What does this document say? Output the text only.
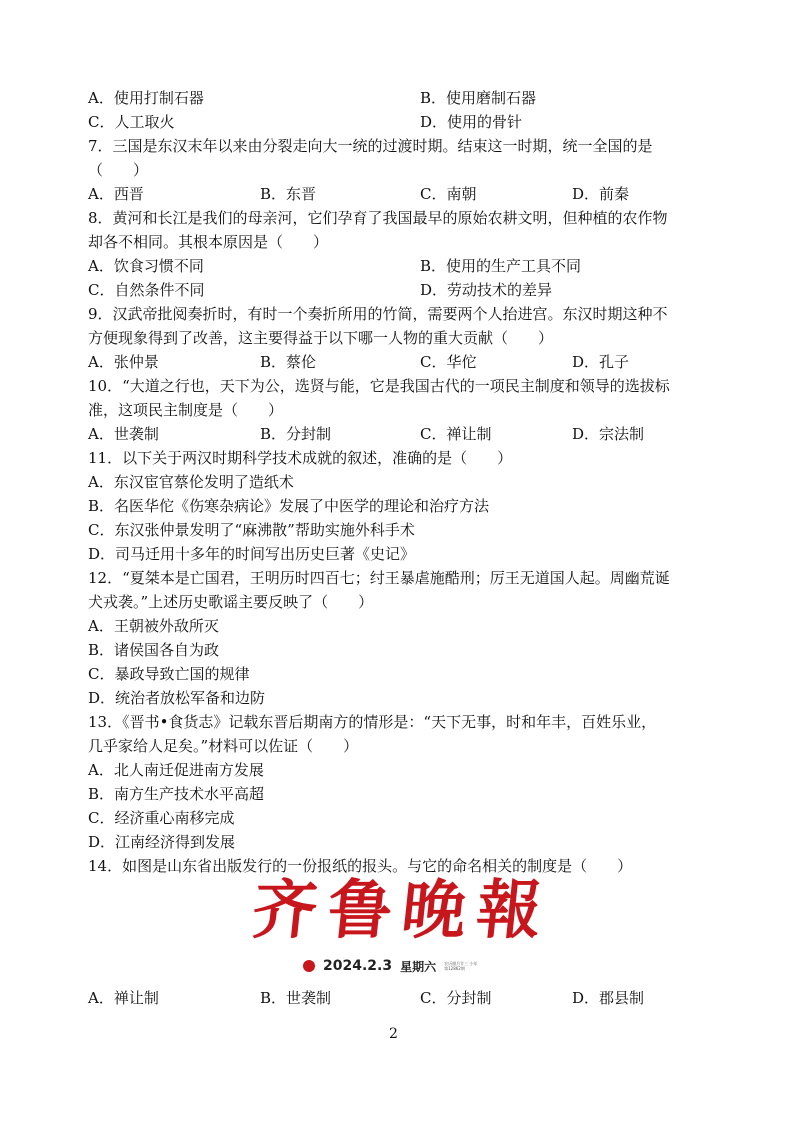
A．使用打制石器	B．使用磨制石器
C．人工取火	D．使用的骨针
7．三国是东汉末年以来由分裂走向大一统的过渡时期。结束这一时期，统一全国的是
（　　）
A．西晋	B．东晋	C．南朝	D．前秦
8．黄河和长江是我们的母亲河，它们孕育了我国最早的原始农耕文明，但种植的农作物
却各不相同。其根本原因是（　　）
A．饮食习惯不同	B．使用的生产工具不同
C．自然条件不同	D．劳动技术的差异
9．汉武帝批阅奏折时，有时一个奏折所用的竹简，需要两个人抬进宫。东汉时期这种不
方便现象得到了改善，这主要得益于以下哪一人物的重大贡献（　　）
A．张仲景	B．蔡伦	C．华佗	D．孔子
10．“大道之行也，天下为公，选贤与能，它是我国古代的一项民主制度和领导的选拔标
准，这项民主制度是（　　）
A．世袭制	B．分封制	C．禅让制	D．宗法制
11．以下关于两汉时期科学技术成就的叙述，准确的是（　　）
A．东汉宦官蔡伦发明了造纸术
B．名医华佗《伤寒杂病论》发展了中医学的理论和治疗方法
C．东汉张仲景发明了“麻沸散”帮助实施外科手术
D．司马迁用十多年的时间写出历史巨著《史记》
12．“夏桀本是亡国君，王明历时四百七；纣王暴虐施酷刑；厉王无道国人起。周幽荒诞
犬戎袭。”上述历史歌谣主要反映了（　　）
A．王朝被外敌所灭
B．诸侯国各自为政
C．暴政导致亡国的规律
D．统治者放松军备和边防
13．《晋书•食货志》记载东晋后期南方的情形是：“天下无事，时和年丰，百姓乐业，
几乎家给人足矣。”材料可以佐证（　　）
A．北人南迁促进南方发展
B．南方生产技术水平高超
C．经济重心南移完成
D．江南经济得到发展
14．如图是山东省出版发行的一份报纸的报头。与它的命名相关的制度是（　　）
A．禅让制	B．世袭制	C．分封制	D．郡县制
齐 鲁 晚 報
2024.2.3 星期六 农历腊月廿三 小年
第12862期
2
